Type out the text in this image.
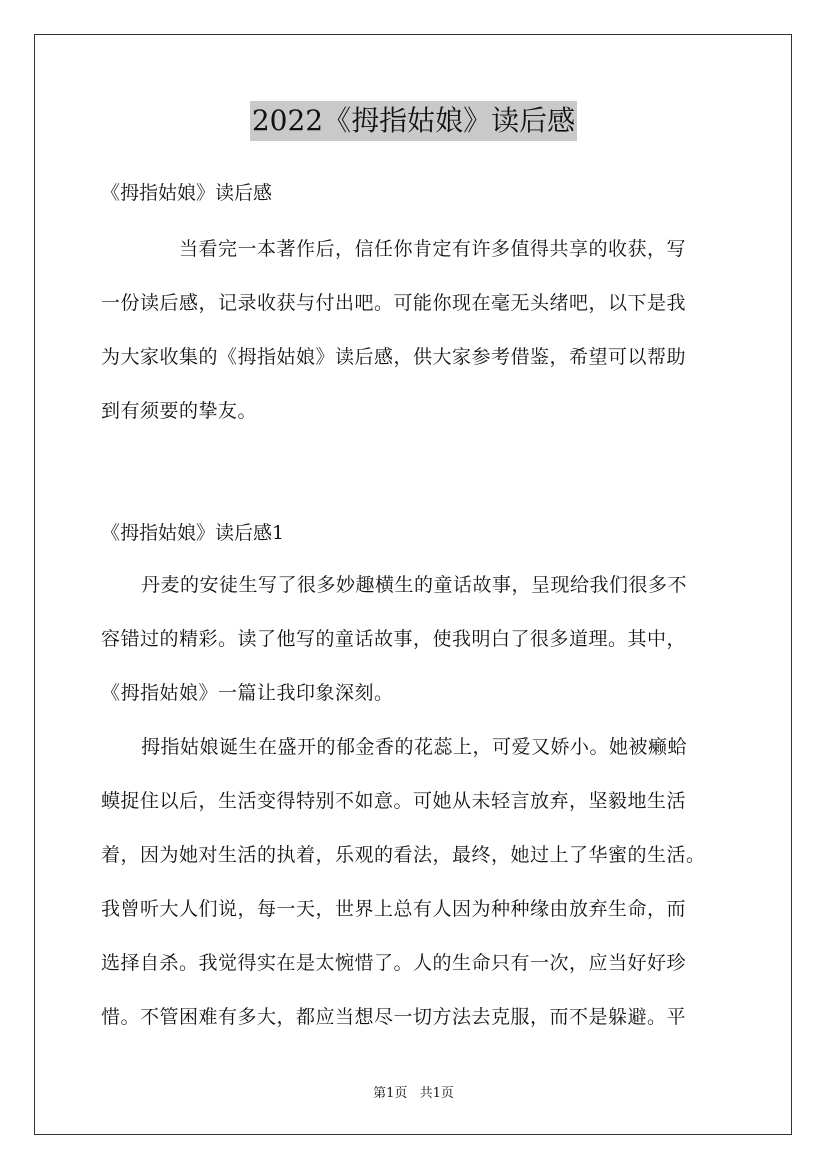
2022《拇指姑娘》读后感
《拇指姑娘》读后感
当看完一本著作后，信任你肯定有许多值得共享的收获，写
一份读后感，记录收获与付出吧。可能你现在毫无头绪吧，以下是我
为大家收集的《拇指姑娘》读后感，供大家参考借鉴，希望可以帮助
到有须要的挚友。
《拇指姑娘》读后感1
丹麦的安徒生写了很多妙趣横生的童话故事，呈现给我们很多不
容错过的精彩。读了他写的童话故事，使我明白了很多道理。其中，
《拇指姑娘》一篇让我印象深刻。
拇指姑娘诞生在盛开的郁金香的花蕊上，可爱又娇小。她被癞蛤
蟆捉住以后，生活变得特别不如意。可她从未轻言放弃，坚毅地生活
着，因为她对生活的执着，乐观的看法，最终，她过上了华蜜的生活。
我曾听大人们说，每一天，世界上总有人因为种种缘由放弃生命，而
选择自杀。我觉得实在是太惋惜了。人的生命只有一次，应当好好珍
惜。不管困难有多大，都应当想尽一切方法去克服，而不是躲避。平
第1页 共1页
